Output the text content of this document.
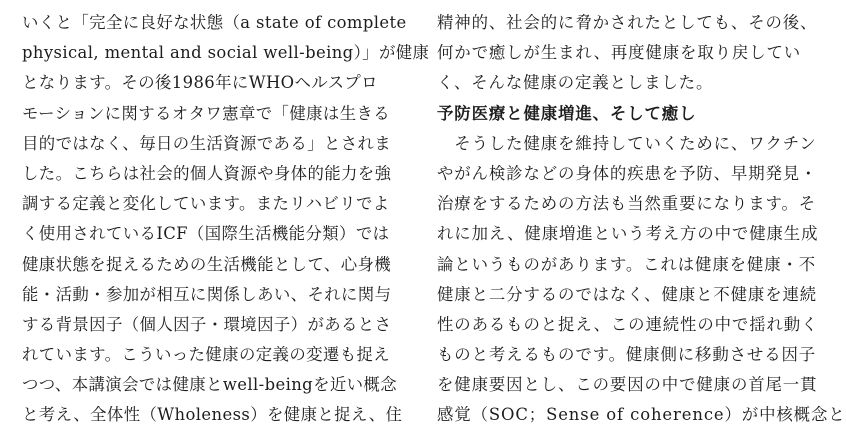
いくと「完全に良好な状態（a state of complete
physical, mental and social well-being）」が健康
となります。その後1986年にWHOヘルスプロ
モーションに関するオタワ憲章で「健康は生きる
目的ではなく、毎日の生活資源である」とされま
した。こちらは社会的個人資源や身体的能力を強
調する定義と変化しています。またリハビリでよ
く使用されているICF（国際生活機能分類）では
健康状態を捉えるための生活機能として、心身機
能・活動・参加が相互に関係しあい、それに関与
する背景因子（個人因子・環境因子）があるとさ
れています。こういった健康の定義の変遷も捉え
つつ、本講演会では健康とwell-beingを近い概念
と考え、全体性（Wholeness）を健康と捉え、住
精神的、社会的に脅かされたとしても、その後、
何かで癒しが生まれ、再度健康を取り戻してい
く、そんな健康の定義としました。
予防医療と健康増進、そして癒し
　そうした健康を維持していくために、ワクチン
やがん検診などの身体的疾患を予防、早期発見・
治療をするための方法も当然重要になります。そ
れに加え、健康増進という考え方の中で健康生成
論というものがあります。これは健康を健康・不
健康と二分するのではなく、健康と不健康を連続
性のあるものと捉え、この連続性の中で揺れ動く
ものと考えるものです。健康側に移動させる因子
を健康要因とし、この要因の中で健康の首尾一貫
感覚（SOC；Sense of coherence）が中核概念と
